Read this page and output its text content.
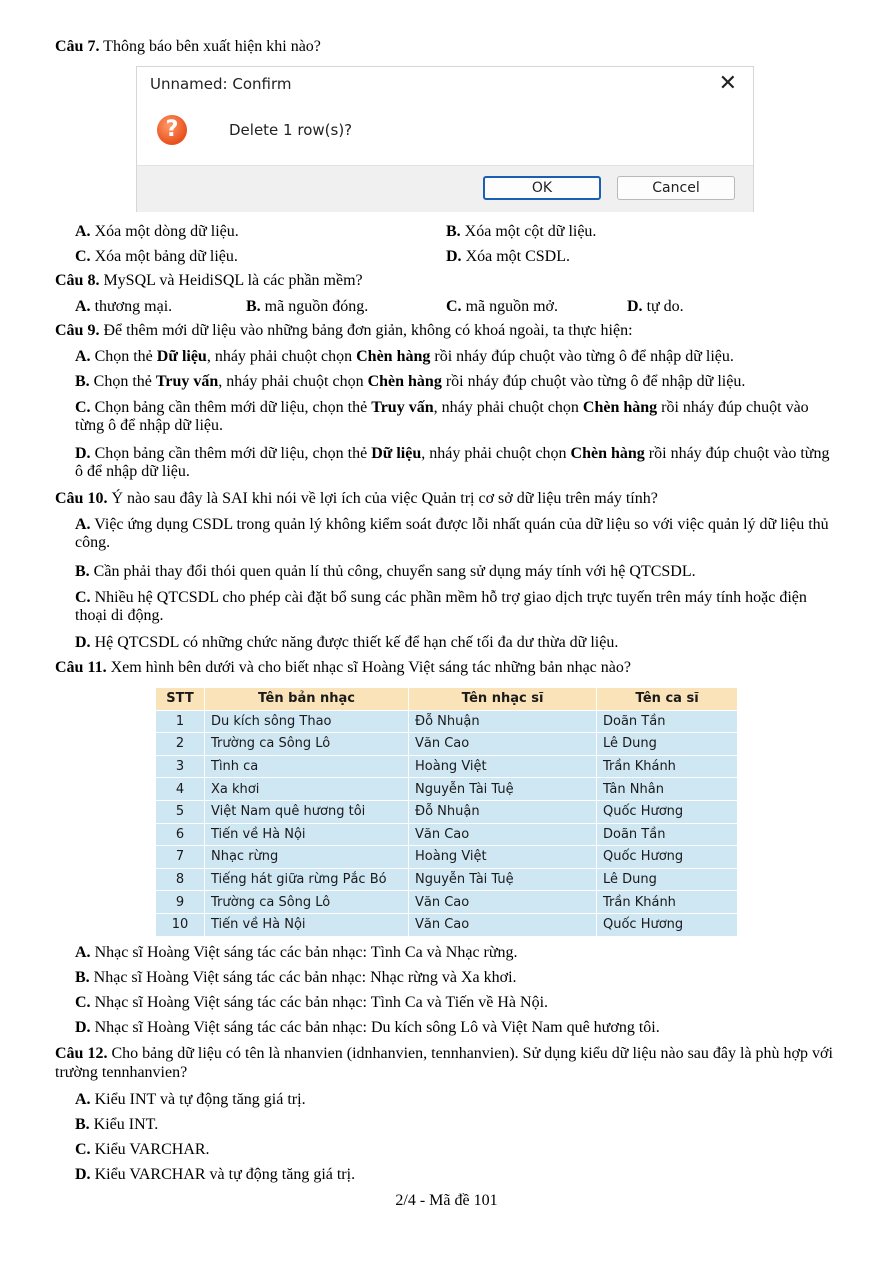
Câu 7. Thông báo bên xuất hiện khi nào?
Unnamed: Confirm	✕
?	Delete 1 row(s)?
OK	Cancel
A. Xóa một dòng dữ liệu.	B. Xóa một cột dữ liệu.
C. Xóa một bảng dữ liệu.	D. Xóa một CSDL.
Câu 8. MySQL và HeidiSQL là các phần mềm?
A. thương mại.	B. mã nguồn đóng.	C. mã nguồn mở.	D. tự do.
Câu 9. Để thêm mới dữ liệu vào những bảng đơn giản, không có khoá ngoài, ta thực hiện:
A. Chọn thẻ Dữ liệu, nháy phải chuột chọn Chèn hàng rồi nháy đúp chuột vào từng ô để nhập dữ liệu.
B. Chọn thẻ Truy vấn, nháy phải chuột chọn Chèn hàng rồi nháy đúp chuột vào từng ô để nhập dữ liệu.
C. Chọn bảng cần thêm mới dữ liệu, chọn thẻ Truy vấn, nháy phải chuột chọn Chèn hàng rồi nháy đúp chuột vào từng ô để nhập dữ liệu.
D. Chọn bảng cần thêm mới dữ liệu, chọn thẻ Dữ liệu, nháy phải chuột chọn Chèn hàng rồi nháy đúp chuột vào từng ô để nhập dữ liệu.
Câu 10. Ý nào sau đây là SAI khi nói về lợi ích của việc Quản trị cơ sở dữ liệu trên máy tính?
A. Việc ứng dụng CSDL trong quản lý không kiểm soát được lỗi nhất quán của dữ liệu so với việc quản lý dữ liệu thủ công.
B. Cần phải thay đổi thói quen quản lí thủ công, chuyển sang sử dụng máy tính với hệ QTCSDL.
C. Nhiều hệ QTCSDL cho phép cài đặt bổ sung các phần mềm hỗ trợ giao dịch trực tuyến trên máy tính hoặc điện thoại di động.
D. Hệ QTCSDL có những chức năng được thiết kế để hạn chế tối đa dư thừa dữ liệu.
Câu 11. Xem hình bên dưới và cho biết nhạc sĩ Hoàng Việt sáng tác những bản nhạc nào?
STT	Tên bản nhạc	Tên nhạc sĩ	Tên ca sĩ
1	Du kích sông Thao	Đỗ Nhuận	Doãn Tần
2	Trường ca Sông Lô	Văn Cao	Lê Dung
3	Tình ca	Hoàng Việt	Trần Khánh
4	Xa khơi	Nguyễn Tài Tuệ	Tân Nhân
5	Việt Nam quê hương tôi	Đỗ Nhuận	Quốc Hương
6	Tiến về Hà Nội	Văn Cao	Doãn Tần
7	Nhạc rừng	Hoàng Việt	Quốc Hương
8	Tiếng hát giữa rừng Pắc Bó	Nguyễn Tài Tuệ	Lê Dung
9	Trường ca Sông Lô	Văn Cao	Trần Khánh
10	Tiến về Hà Nội	Văn Cao	Quốc Hương
A. Nhạc sĩ Hoàng Việt sáng tác các bản nhạc: Tình Ca và Nhạc rừng.
B. Nhạc sĩ Hoàng Việt sáng tác các bản nhạc: Nhạc rừng và Xa khơi.
C. Nhạc sĩ Hoàng Việt sáng tác các bản nhạc: Tình Ca và Tiến về Hà Nội.
D. Nhạc sĩ Hoàng Việt sáng tác các bản nhạc: Du kích sông Lô và Việt Nam quê hương tôi.
Câu 12. Cho bảng dữ liệu có tên là nhanvien (idnhanvien, tennhanvien). Sử dụng kiểu dữ liệu nào sau đây là phù hợp với trường tennhanvien?
A. Kiểu INT và tự động tăng giá trị.
B. Kiểu INT.
C. Kiểu VARCHAR.
D. Kiểu VARCHAR và tự động tăng giá trị.
2/4 - Mã đề 101
